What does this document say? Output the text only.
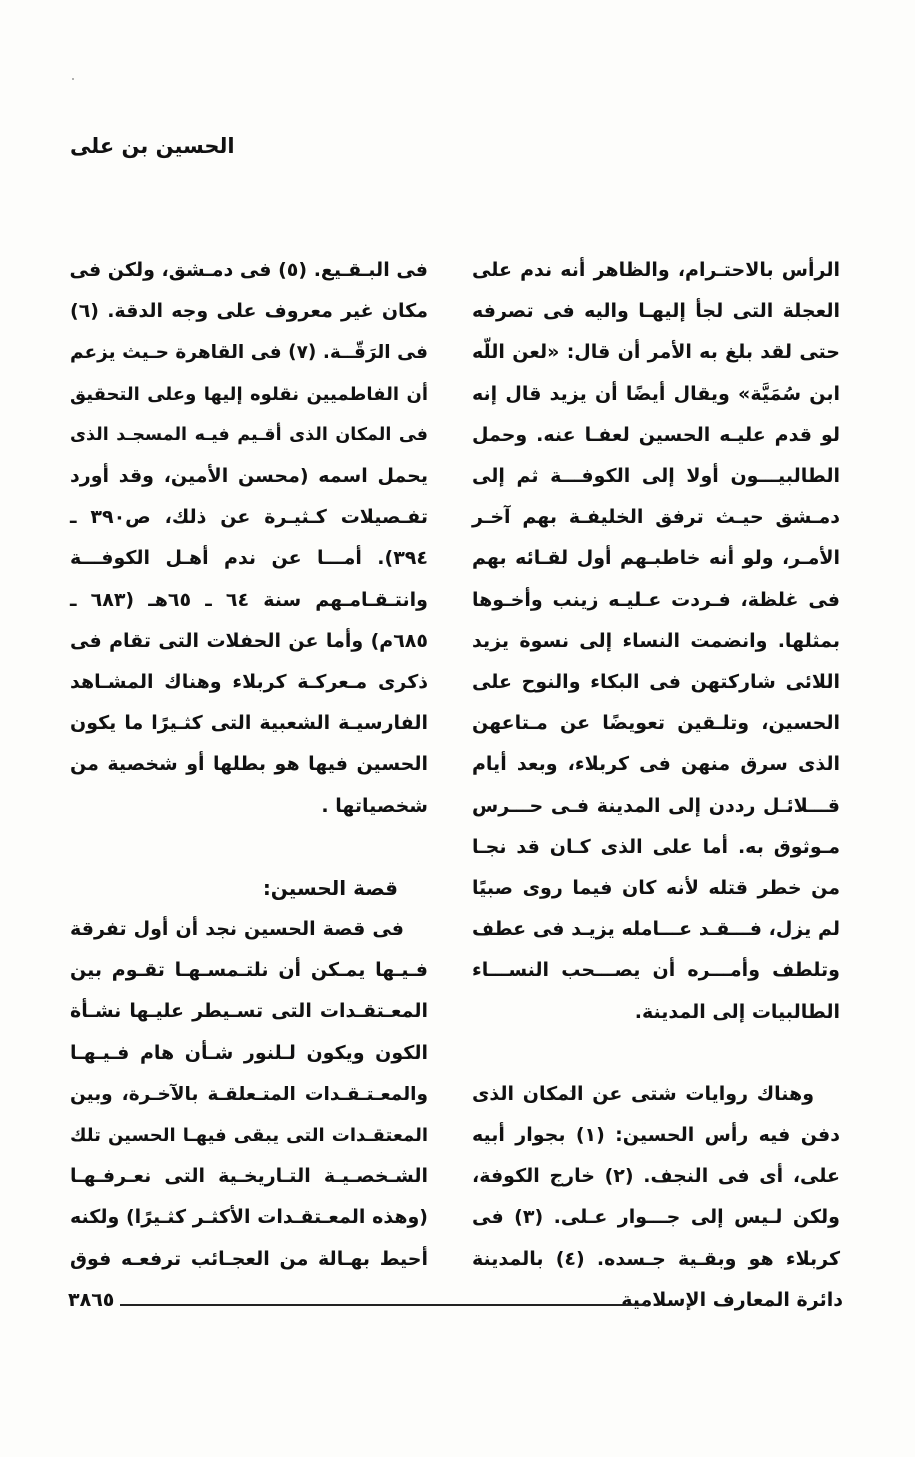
الحسين بن على

الرأس بالاحتـرام، والظاهر أنه ندم على
العجلة التى لجأ إليهـا واليه فى تصرفه
حتى لقد بلغ به الأمر أن قال: «لعن اللّه
ابن سُمَيَّة» ويقال أيضًا أن يزيد قال إنه
لو قدم عليـه الحسين لعفـا عنه. وحمل
الطالبيـــون أولا إلى الكوفـــة ثم إلى
دمـشق حيـث ترفق الخليفـة بهم آخـر
الأمـر، ولو أنه خاطبـهم أول لقـائه بهم
فى غلظة، فـردت عـليـه زينب وأخـوها
بمثلها. وانضمت النساء إلى نسوة يزيد
اللائى شاركتهن فى البكاء والنوح على
الحسين، وتلـقين تعويضًا عن مـتاعهن
الذى سرق منهن فى كربلاء، وبعد أيام
قـــلائـل رددن إلى المدينة فـى حـــرس
مـوثوق به. أما على الذى كـان قد نجـا
من خطر قتله لأنه كان فيما روى صبيًا
لم يزل، فـــقـد عـــامله يزيـد فى عطف
وتلطف وأمـــره أن يصـــحب النســـاء
الطالبيات إلى المدينة.

وهناك روايات شتى عن المكان الذى
دفن فيه رأس الحسين: (١) بجوار أبيه
على، أى فى النجف. (٢) خارج الكوفة،
ولكن لـيس إلى جـــوار عـلى. (٣) فى
كربلاء هو وبقـية جـسده. (٤) بالمدينة

فى البـقـيع. (٥) فى دمـشق، ولكن فى
مكان غير معروف على وجه الدقة. (٦)
فى الرَقّــة. (٧) فى القاهرة حـيث يزعم
أن الفاطميين نقلوه إليها وعلى التحقيق
فى المكان الذى أقـيم فيـه المسجـد الذى
يحمل اسمه (محسن الأمين، وقد أورد
تفـصيلات كـثيـرة عن ذلك، ص٣٩٠ ـ
٣٩٤). أمـــا عن ندم أهـل الكوفـــة
وانتـقـامـهم سنة ٦٤ ـ ٦٥هـ (٦٨٣ ـ
٦٨٥م) وأما عن الحفلات التى تقام فى
ذكرى مـعركـة كربلاء وهناك المشـاهد
الفارسيـة الشعبية التى كثـيرًا ما يكون
الحسين فيها هو بطلها أو شخصية من
شخصياتها .

قصة الحسين:

فى قصة الحسين نجد أن أول تفرقة
فـيـها يمـكن أن نلتـمسـهـا تقـوم بين
المعـتقـدات التى تسـيطر عليـها نشـأة
الكون ويكون لـلنور شـأن هام فـيـهـا
والمعـتـقـدات المتـعلقـة بالآخـرة، وبين
المعتقـدات التى يبقى فيهـا الحسين تلك
الشـخصـيـة التـاريخـية التى نعـرفـهـا
(وهذه المعـتقـدات الأكثـر كثـيرًا) ولكنه
أحيط بهـالة من العجـائب ترفعـه فوق

دائرة المعارف الإسلامية
٣٨٦٥
